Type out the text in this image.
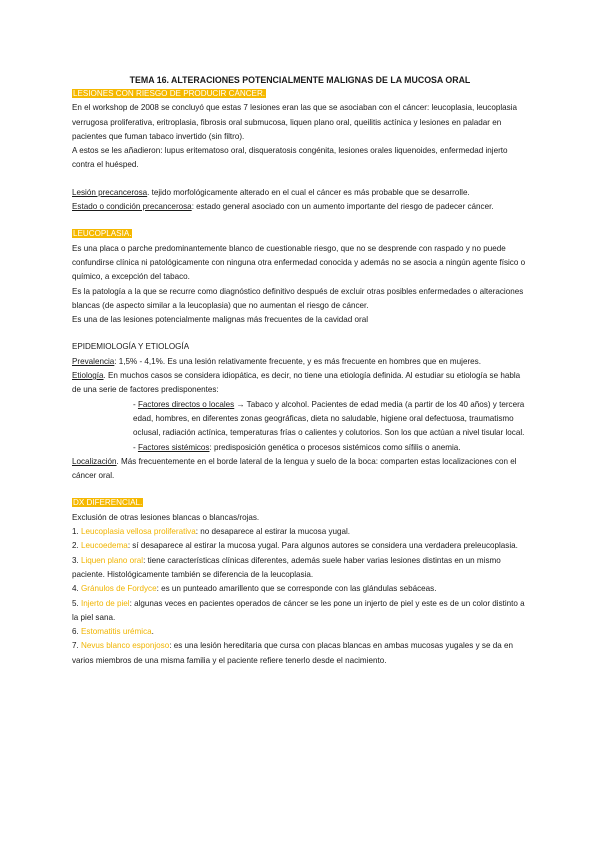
TEMA 16. ALTERACIONES POTENCIALMENTE MALIGNAS DE LA MUCOSA ORAL

LESIONES CON RIESGO DE PRODUCIR CÁNCER.

En el workshop de 2008 se concluyó que estas 7 lesiones eran las que se asociaban con el cáncer: leucoplasia, leucoplasia verrugosa proliferativa, eritroplasia, fibrosis oral submucosa, liquen plano oral, queilitis actínica y lesiones en paladar en pacientes que fuman tabaco invertido (sin filtro).

A estos se les añadieron: lupus eritematoso oral, disqueratosis congénita, lesiones orales liquenoides, enfermedad injerto contra el huésped.

Lesión precancerosa. tejido morfológicamente alterado en el cual el cáncer es más probable que se desarrolle.

Estado o condición precancerosa: estado general asociado con un aumento importante del riesgo de padecer cáncer.

LEUCOPLASIA.

Es una placa o parche predominantemente blanco de cuestionable riesgo, que no se desprende con raspado y no puede confundirse clínica ni patológicamente con ninguna otra enfermedad conocida y además no se asocia a ningún agente físico o químico, a excepción del tabaco.

Es la patología a la que se recurre como diagnóstico definitivo después de excluir otras posibles enfermedades o alteraciones blancas (de aspecto similar a la leucoplasia) que no aumentan el riesgo de cáncer.

Es una de las lesiones potencialmente malignas más frecuentes de la cavidad oral

EPIDEMIOLOGÍA Y ETIOLOGÍA

Prevalencia: 1,5% - 4,1%. Es una lesión relativamente frecuente, y es más frecuente en hombres que en mujeres.

Etiología. En muchos casos se considera idiopática, es decir, no tiene una etiología definida. Al estudiar su etiología se habla de una serie de factores predisponentes:

- Factores directos o locales → Tabaco y alcohol. Pacientes de edad media (a partir de los 40 años) y tercera edad, hombres, en diferentes zonas geográficas, dieta no saludable, higiene oral defectuosa, traumatismo oclusal, radiación actínica, temperaturas frías o calientes y colutorios. Son los que actúan a nivel tisular local.

- Factores sistémicos: predisposición genética o procesos sistémicos como sífilis o anemia.

Localización. Más frecuentemente en el borde lateral de la lengua y suelo de la boca: comparten estas localizaciones con el cáncer oral.

DX DIFERENCIAL.

Exclusión de otras lesiones blancas o blancas/rojas.

1. Leucoplasia vellosa proliferativa: no desaparece al estirar la mucosa yugal.

2. Leucoedema: sí desaparece al estirar la mucosa yugal. Para algunos autores se considera una verdadera preleucoplasia.

3. Liquen plano oral: tiene características clínicas diferentes, además suele haber varias lesiones distintas en un mismo paciente. Histológicamente también se diferencia de la leucoplasia.

4. Gránulos de Fordyce: es un punteado amarillento que se corresponde con las glándulas sebáceas.

5. Injerto de piel: algunas veces en pacientes operados de cáncer se les pone un injerto de piel y este es de un color distinto a la piel sana.

6. Estomatitis urémica.

7. Nevus blanco esponjoso: es una lesión hereditaria que cursa con placas blancas en ambas mucosas yugales y se da en varios miembros de una misma familia y el paciente refiere tenerlo desde el nacimiento.
